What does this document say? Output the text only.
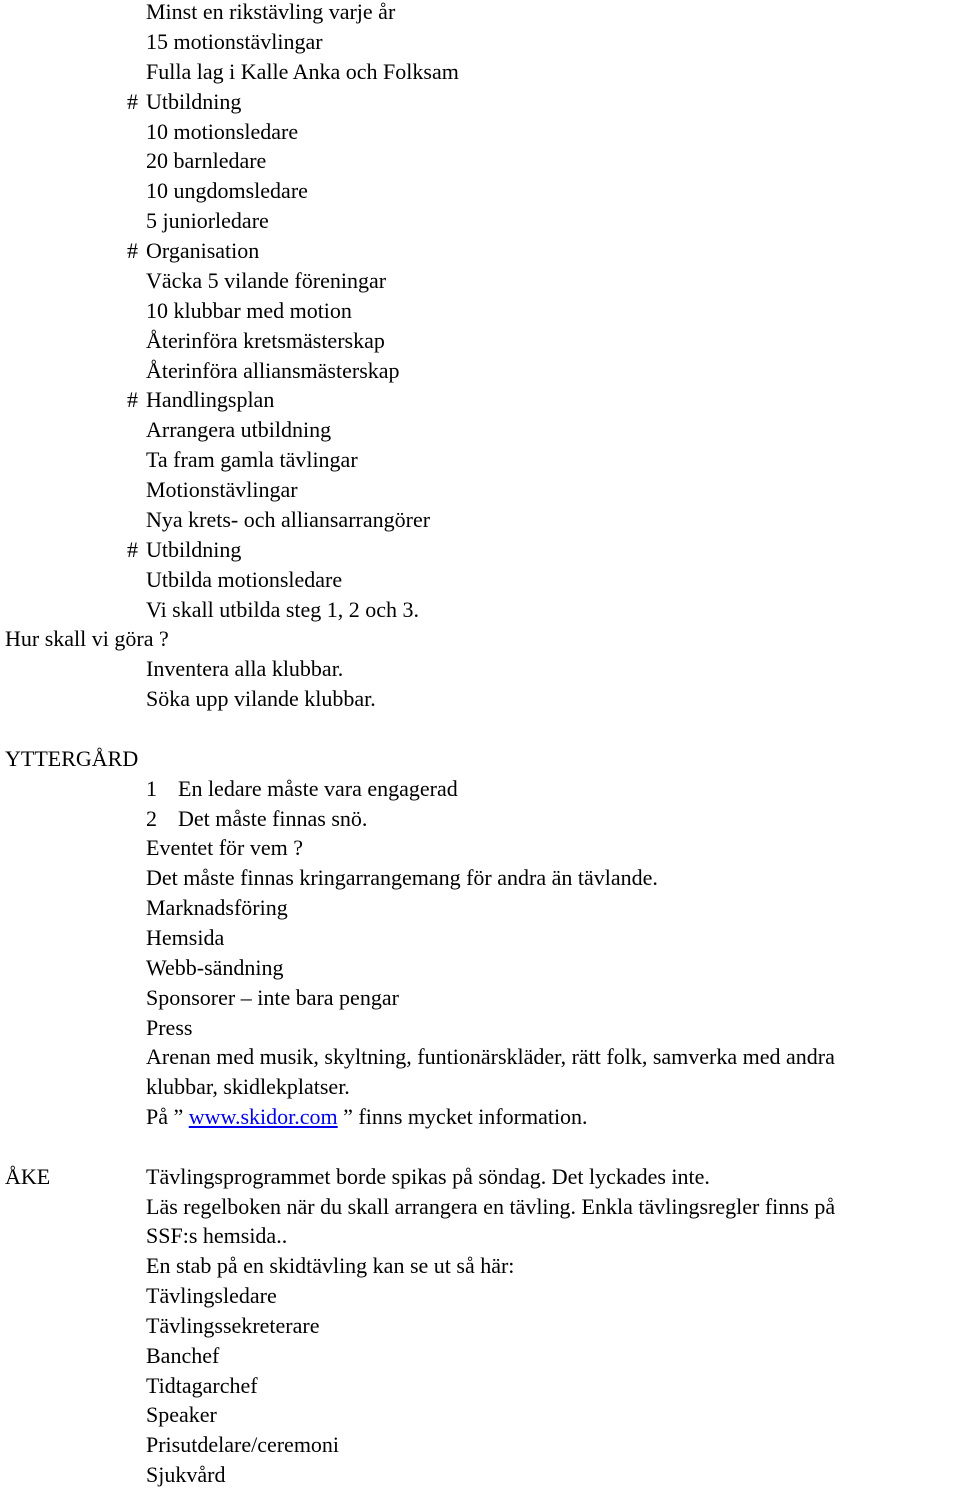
Minst en rikstävling varje år
15 motionstävlingar
Fulla lag i Kalle Anka och Folksam
# Utbildning
10 motionsledare
20 barnledare
10 ungdomsledare
5 juniorledare
# Organisation
Väcka 5 vilande föreningar
10 klubbar med motion
Återinföra kretsmästerskap
Återinföra alliansmästerskap
# Handlingsplan
Arrangera utbildning
Ta fram gamla tävlingar
Motionstävlingar
Nya krets- och alliansarrangörer
# Utbildning
Utbilda motionsledare
Vi skall utbilda steg 1, 2 och 3.
Hur skall vi göra ?
Inventera alla klubbar.
Söka upp vilande klubbar.
YTTERGÅRD
1 En ledare måste vara engagerad
2 Det måste finnas snö.
Eventet för vem ?
Det måste finnas kringarrangemang för andra än tävlande.
Marknadsföring
Hemsida
Webb-sändning
Sponsorer – inte bara pengar
Press
Arenan med musik, skyltning, funtionärskläder, rätt folk, samverka med andra
klubbar, skidlekplatser.
På ” www.skidor.com ” finns mycket information.
ÅKE	Tävlingsprogrammet borde spikas på söndag. Det lyckades inte.
Läs regelboken när du skall arrangera en tävling. Enkla tävlingsregler finns på
SSF:s hemsida..
En stab på en skidtävling kan se ut så här:
Tävlingsledare
Tävlingssekreterare
Banchef
Tidtagarchef
Speaker
Prisutdelare/ceremoni
Sjukvård
